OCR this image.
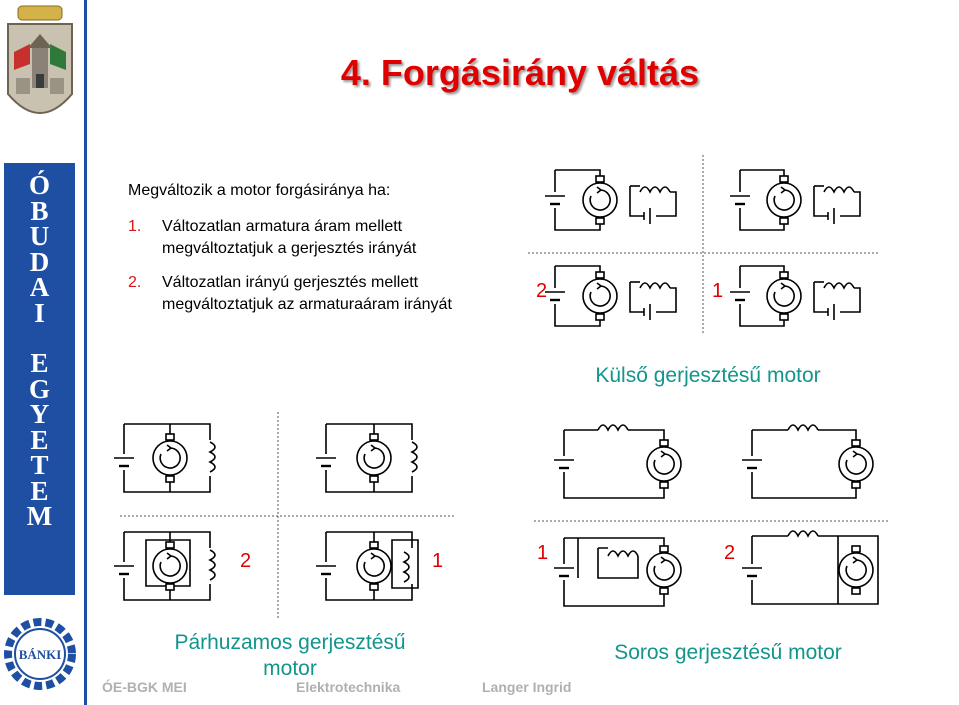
Ó
B
U
D
A
I
E
G
Y
E
T
E
M
BÁNKI
4. Forgásirány váltás
Megváltozik a motor forgásiránya ha:
1. Változatlan armatura áram mellett megváltoztatjuk a gerjesztés irányát
2. Változatlan irányú gerjesztés mellett megváltoztatjuk az armaturaáram irányát
2	1
Külső gerjesztésű motor
2	1
Párhuzamos gerjesztésű
motor
1	2
Soros gerjesztésű motor
ÓE-BGK MEI	Elektrotechnika	Langer Ingrid
